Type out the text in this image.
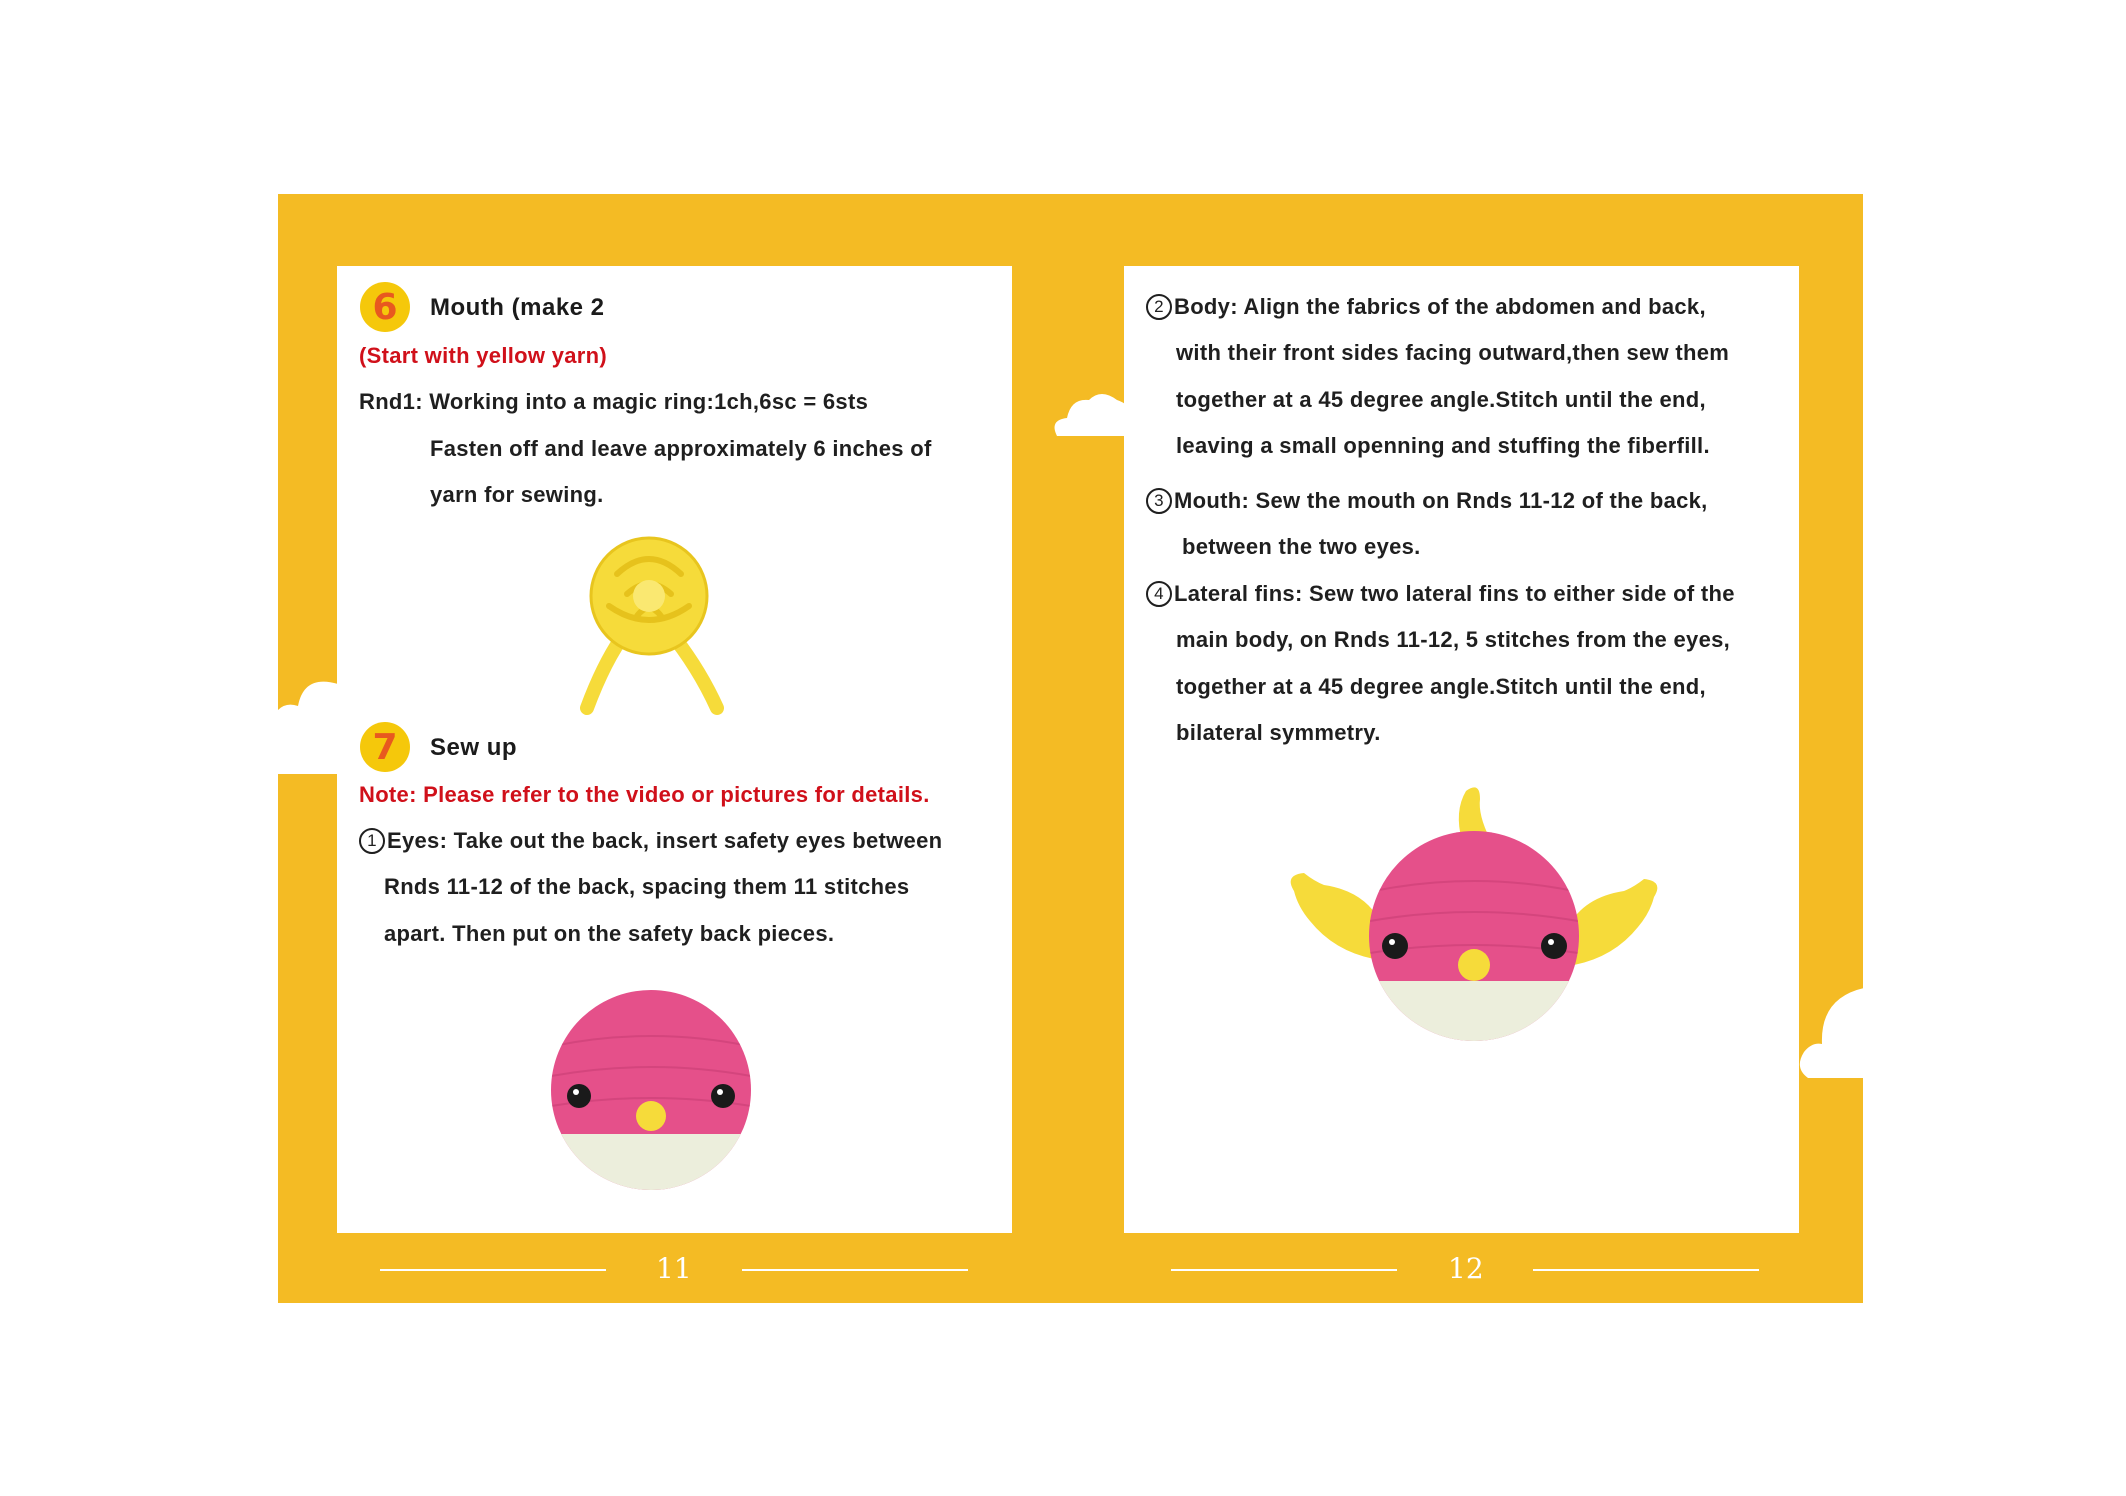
6	Mouth (make 2
(Start with yellow yarn)
Rnd1: Working into a magic ring:1ch,6sc = 6sts
Fasten off and leave approximately 6 inches of
yarn for sewing.
7	Sew up
Note: Please refer to the video or pictures for details.
1 Eyes: Take out the back, insert safety eyes between
Rnds 11-12 of the back, spacing them 11 stitches
apart. Then put on the safety back pieces.
2 Body: Align the fabrics of the abdomen and back,
with their front sides facing outward,then sew them
together at a 45 degree angle.Stitch until the end,
leaving a small openning and stuffing the fiberfill.
3 Mouth: Sew the mouth on Rnds 11-12 of the back,
between the two eyes.
4 Lateral fins: Sew two lateral fins to either side of the
main body, on Rnds 11-12, 5 stitches from the eyes,
together at a 45 degree angle.Stitch until the end,
bilateral symmetry.
11	12
